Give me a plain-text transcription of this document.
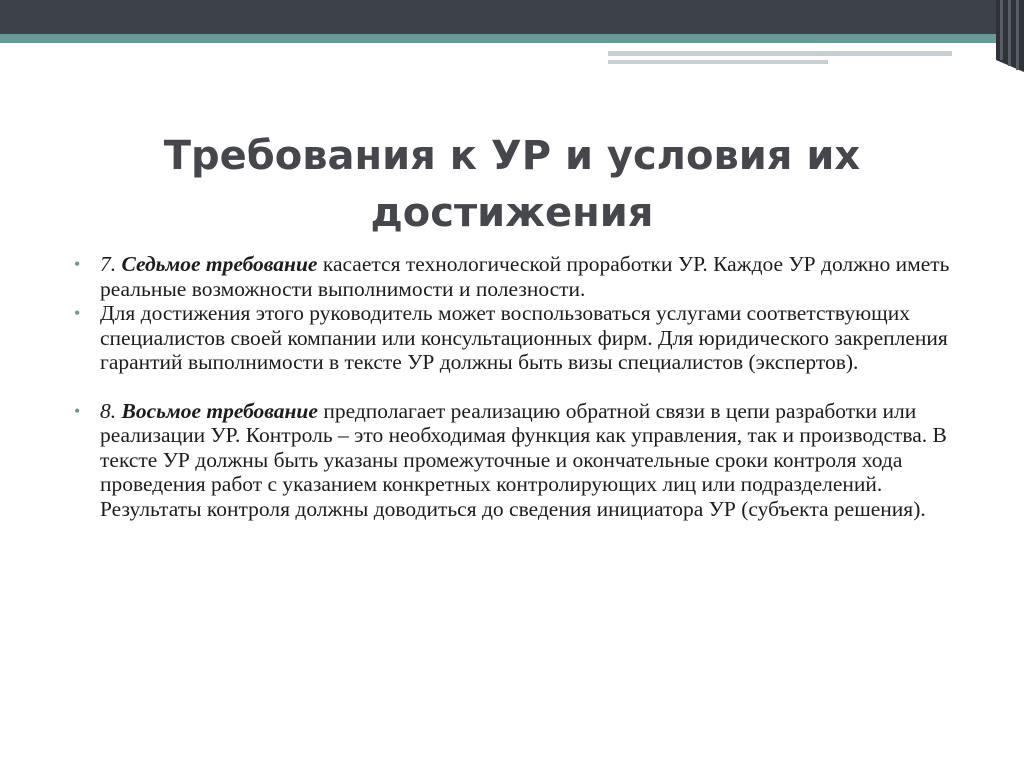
Требования к УР и условия их достижения
• 7. Седьмое требование касается технологической проработки УР. Каждое УР должно иметь реальные возможности выполнимости и полезности.
• Для достижения этого руководитель может воспользоваться услугами соответствующих специалистов своей компании или консультационных фирм. Для юридического закрепления гарантий выполнимости в тексте УР должны быть визы специалистов (экспертов).
• 8. Восьмое требование предполагает реализацию обратной связи в цепи разработки или реализации УР. Контроль – это необходимая функция как управления, так и производства. В тексте УР должны быть указаны промежуточные и окончательные сроки контроля хода проведения работ с указанием конкретных контролирующих лиц или подразделений. Результаты контроля должны доводиться до сведения инициатора УР (субъекта решения).
